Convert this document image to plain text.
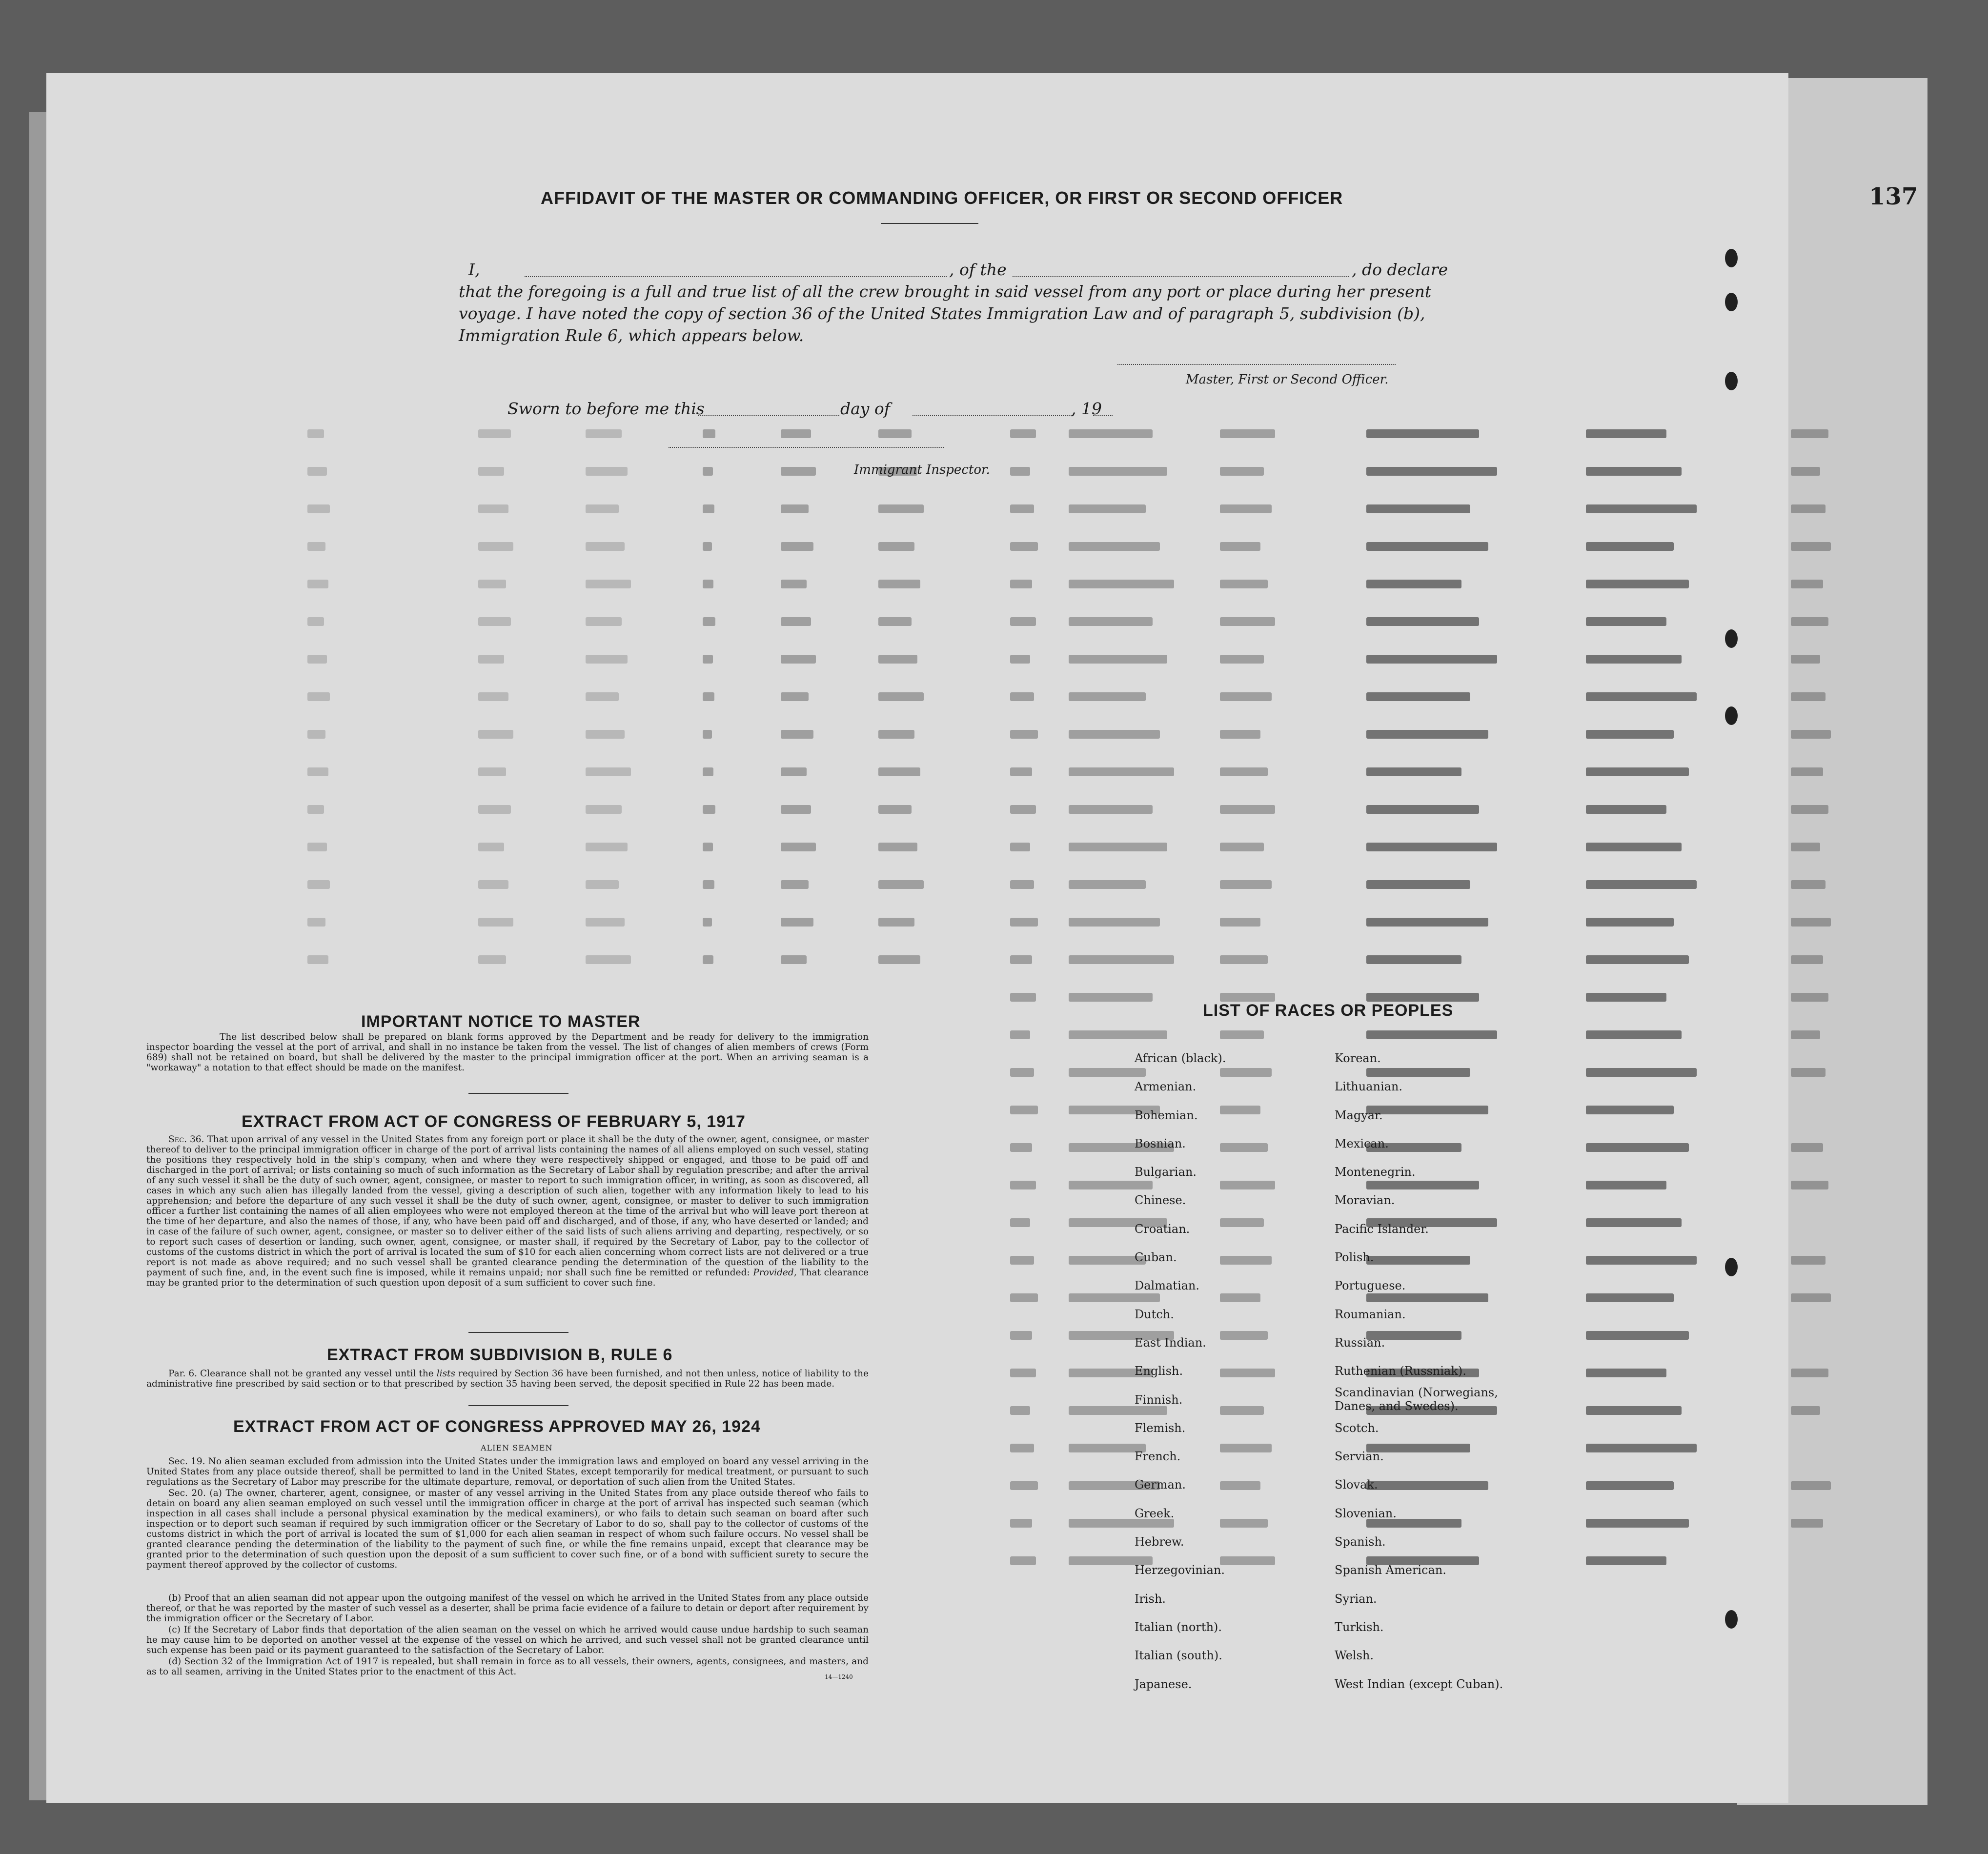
137
AFFIDAVIT OF THE MASTER OR COMMANDING OFFICER, OR FIRST OR SECOND OFFICER
I,	, of the	, do declare
that the foregoing is a full and true list of all the crew brought in said vessel from any port or place during her present
voyage. I have noted the copy of section 36 of the United States Immigration Law and of paragraph 5, subdivision (b),
Immigration Rule 6, which appears below.
Master, First or Second Officer.
Sworn to before me this	day of	, 19
Immigrant Inspector.
IMPORTANT NOTICE TO MASTER
The list described below shall be prepared on blank forms approved by the Department and be ready for delivery to the immigration inspector boarding the vessel at the port of arrival, and shall in no instance be taken from the vessel. The list of changes of alien members of crews (Form 689) shall not be retained on board, but shall be delivered by the master to the principal immigration officer at the port. When an arriving seaman is a "workaway" a notation to that effect should be made on the manifest.
EXTRACT FROM ACT OF CONGRESS OF FEBRUARY 5, 1917
Sec. 36. That upon arrival of any vessel in the United States from any foreign port or place it shall be the duty of the owner, agent, consignee, or master thereof to deliver to the principal immigration officer in charge of the port of arrival lists containing the names of all aliens employed on such vessel, stating the positions they respectively hold in the ship's company, when and where they were respectively shipped or engaged, and those to be paid off and discharged in the port of arrival; or lists containing so much of such information as the Secretary of Labor shall by regulation prescribe; and after the arrival of any such vessel it shall be the duty of such owner, agent, consignee, or master to report to such immigration officer, in writing, as soon as discovered, all cases in which any such alien has illegally landed from the vessel, giving a description of such alien, together with any information likely to lead to his apprehension; and before the departure of any such vessel it shall be the duty of such owner, agent, consignee, or master to deliver to such immigration officer a further list containing the names of all alien employees who were not employed thereon at the time of the arrival but who will leave port thereon at the time of her departure, and also the names of those, if any, who have been paid off and discharged, and of those, if any, who have deserted or landed; and in case of the failure of such owner, agent, consignee, or master so to deliver either of the said lists of such aliens arriving and departing, respectively, or so to report such cases of desertion or landing, such owner, agent, consignee, or master shall, if required by the Secretary of Labor, pay to the collector of customs of the customs district in which the port of arrival is located the sum of $10 for each alien concerning whom correct lists are not delivered or a true report is not made as above required; and no such vessel shall be granted clearance pending the determination of the question of the liability to the payment of such fine, and, in the event such fine is imposed, while it remains unpaid; nor shall such fine be remitted or refunded: Provided, That clearance may be granted prior to the determination of such question upon deposit of a sum sufficient to cover such fine.
EXTRACT FROM SUBDIVISION B, RULE 6
Par. 6. Clearance shall not be granted any vessel until the lists required by Section 36 have been furnished, and not then unless, notice of liability to the administrative fine prescribed by said section or to that prescribed by section 35 having been served, the deposit specified in Rule 22 has been made.
EXTRACT FROM ACT OF CONGRESS APPROVED MAY 26, 1924
ALIEN SEAMEN
Sec. 19. No alien seaman excluded from admission into the United States under the immigration laws and employed on board any vessel arriving in the United States from any place outside thereof, shall be permitted to land in the United States, except temporarily for medical treatment, or pursuant to such regulations as the Secretary of Labor may prescribe for the ultimate departure, removal, or deportation of such alien from the United States.
Sec. 20. (a) The owner, charterer, agent, consignee, or master of any vessel arriving in the United States from any place outside thereof who fails to detain on board any alien seaman employed on such vessel until the immigration officer in charge at the port of arrival has inspected such seaman (which inspection in all cases shall include a personal physical examination by the medical examiners), or who fails to detain such seaman on board after such inspection or to deport such seaman if required by such immigration officer or the Secretary of Labor to do so, shall pay to the collector of customs of the customs district in which the port of arrival is located the sum of $1,000 for each alien seaman in respect of whom such failure occurs. No vessel shall be granted clearance pending the determination of the liability to the payment of such fine, or while the fine remains unpaid, except that clearance may be granted prior to the determination of such question upon the deposit of a sum sufficient to cover such fine, or of a bond with sufficient surety to secure the payment thereof approved by the collector of customs.
(b) Proof that an alien seaman did not appear upon the outgoing manifest of the vessel on which he arrived in the United States from any place outside thereof, or that he was reported by the master of such vessel as a deserter, shall be prima facie evidence of a failure to detain or deport after requirement by the immigration officer or the Secretary of Labor.
(c) If the Secretary of Labor finds that deportation of the alien seaman on the vessel on which he arrived would cause undue hardship to such seaman he may cause him to be deported on another vessel at the expense of the vessel on which he arrived, and such vessel shall not be granted clearance until such expense has been paid or its payment guaranteed to the satisfaction of the Secretary of Labor.
(d) Section 32 of the Immigration Act of 1917 is repealed, but shall remain in force as to all vessels, their owners, agents, consignees, and masters, and as to all seamen, arriving in the United States prior to the enactment of this Act.	14—1240
LIST OF RACES OR PEOPLES
African (black).
Armenian.
Bohemian.
Bosnian.
Bulgarian.
Chinese.
Croatian.
Cuban.
Dalmatian.
Dutch.
East Indian.
English.
Finnish.
Flemish.
French.
German.
Greek.
Hebrew.
Herzegovinian.
Irish.
Italian (north).
Italian (south).
Japanese.
Korean.
Lithuanian.
Magyar.
Mexican.
Montenegrin.
Moravian.
Pacific Islander.
Polish.
Portuguese.
Roumanian.
Russian.
Ruthenian (Russniak).
Scandinavian (Norwegians, Danes, and Swedes).
Scotch.
Servian.
Slovak.
Slovenian.
Spanish.
Spanish American.
Syrian.
Turkish.
Welsh.
West Indian (except Cuban).
